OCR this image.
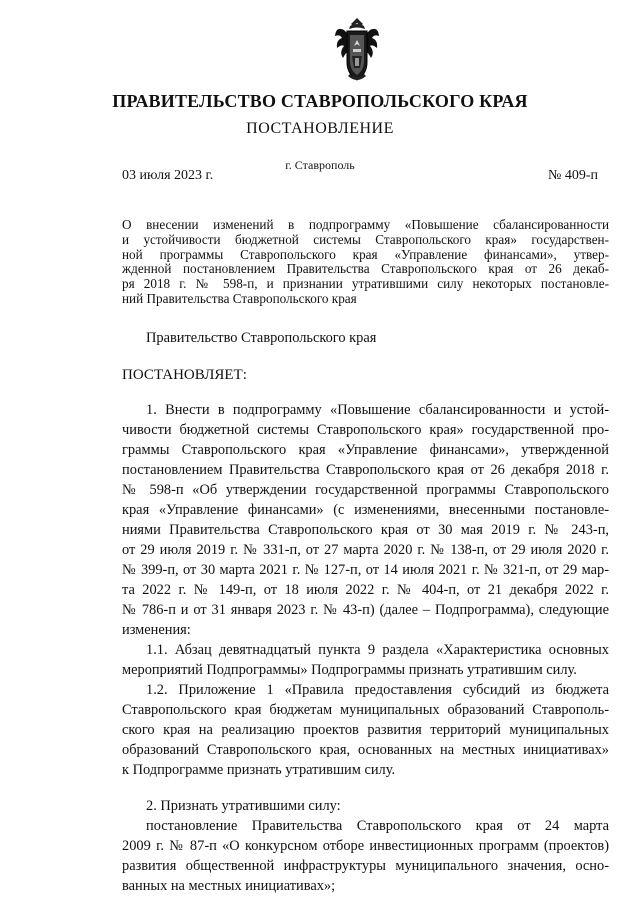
ПРАВИТЕЛЬСТВО СТАВРОПОЛЬСКОГО КРАЯ
ПОСТАНОВЛЕНИЕ
г. Ставрополь
03 июля 2023 г.	№ 409-п
О внесении изменений в подпрограмму «Повышение сбалансированности
и устойчивости бюджетной системы Ставропольского края» государствен-
ной программы Ставропольского края «Управление финансами», утвер-
жденной постановлением Правительства Ставропольского края от 26 декаб-
ря 2018 г. № 598-п, и признании утратившими силу некоторых постановле-
ний Правительства Ставропольского края
Правительство Ставропольского края
ПОСТАНОВЛЯЕТ:
1. Внести в подпрограмму «Повышение сбалансированности и устой-
чивости бюджетной системы Ставропольского края» государственной про-
граммы Ставропольского края «Управление финансами», утвержденной
постановлением Правительства Ставропольского края от 26 декабря 2018 г.
№ 598-п «Об утверждении государственной программы Ставропольского
края «Управление финансами» (с изменениями, внесенными постановле-
ниями Правительства Ставропольского края от 30 мая 2019 г. № 243-п,
от 29 июля 2019 г. № 331-п, от 27 марта 2020 г. № 138-п, от 29 июля 2020 г.
№ 399-п, от 30 марта 2021 г. № 127-п, от 14 июля 2021 г. № 321-п, от 29 мар-
та 2022 г. № 149-п, от 18 июля 2022 г. № 404-п, от 21 декабря 2022 г.
№ 786-п и от 31 января 2023 г. № 43-п) (далее – Подпрограмма), следующие
изменения:
1.1. Абзац девятнадцатый пункта 9 раздела «Характеристика основных
мероприятий Подпрограммы» Подпрограммы признать утратившим силу.
1.2. Приложение 1 «Правила предоставления субсидий из бюджета
Ставропольского края бюджетам муниципальных образований Ставрополь-
ского края на реализацию проектов развития территорий муниципальных
образований Ставропольского края, основанных на местных инициативах»
к Подпрограмме признать утратившим силу.
2. Признать утратившими силу:
постановление Правительства Ставропольского края от 24 марта
2009 г. № 87-п «О конкурсном отборе инвестиционных программ (проектов)
развития общественной инфраструктуры муниципального значения, осно-
ванных на местных инициативах»;
